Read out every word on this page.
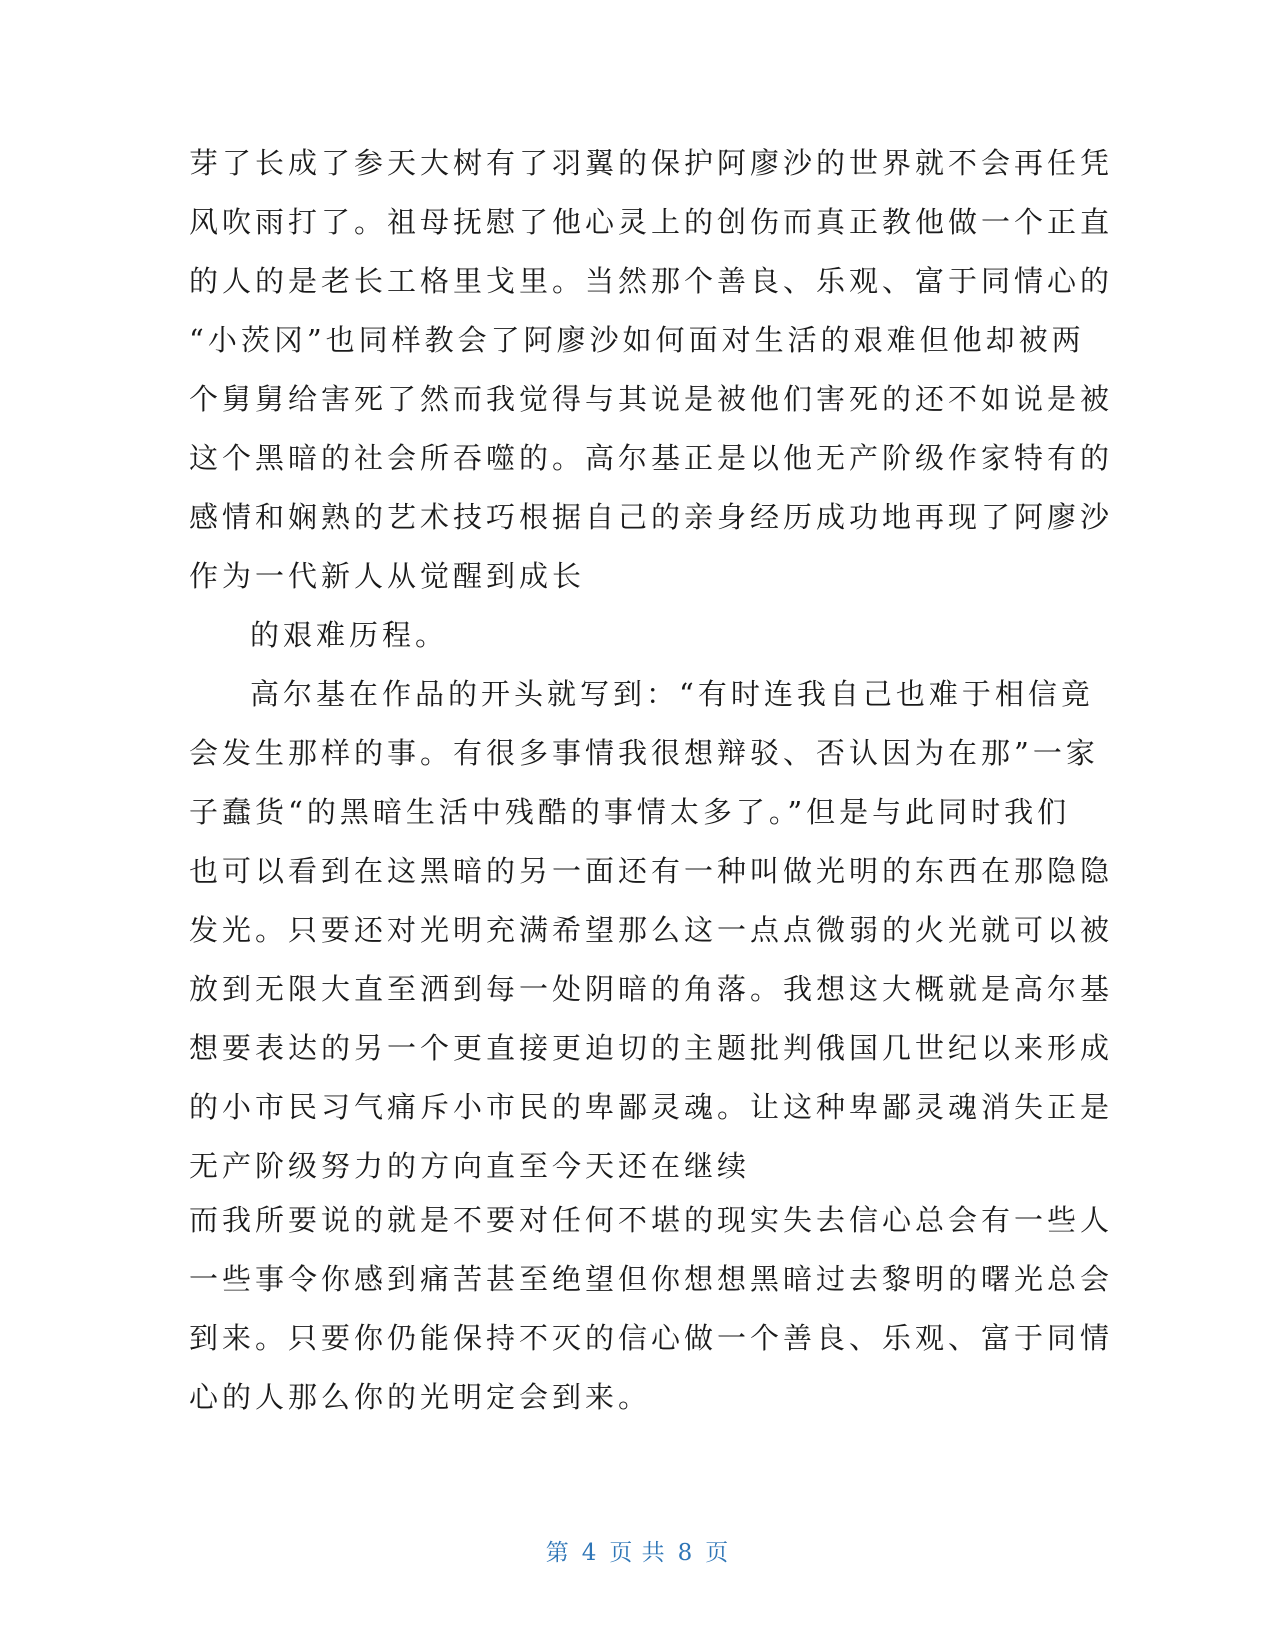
芽了长成了参天大树有了羽翼的保护阿廖沙的世界就不会再任凭
风吹雨打了。祖母抚慰了他心灵上的创伤而真正教他做一个正直
的人的是老长工格里戈里。当然那个善良、乐观、富于同情心的
“小茨冈”也同样教会了阿廖沙如何面对生活的艰难但他却被两
个舅舅给害死了然而我觉得与其说是被他们害死的还不如说是被
这个黑暗的社会所吞噬的。高尔基正是以他无产阶级作家特有的
感情和娴熟的艺术技巧根据自己的亲身经历成功地再现了阿廖沙
作为一代新人从觉醒到成长
的艰难历程。
高尔基在作品的开头就写到：“有时连我自己也难于相信竟
会发生那样的事。有很多事情我很想辩驳、否认因为在那”一家
子蠢货“的黑暗生活中残酷的事情太多了。”但是与此同时我们
也可以看到在这黑暗的另一面还有一种叫做光明的东西在那隐隐
发光。只要还对光明充满希望那么这一点点微弱的火光就可以被
放到无限大直至洒到每一处阴暗的角落。我想这大概就是高尔基
想要表达的另一个更直接更迫切的主题批判俄国几世纪以来形成
的小市民习气痛斥小市民的卑鄙灵魂。让这种卑鄙灵魂消失正是
无产阶级努力的方向直至今天还在继续
而我所要说的就是不要对任何不堪的现实失去信心总会有一些人
一些事令你感到痛苦甚至绝望但你想想黑暗过去黎明的曙光总会
到来。只要你仍能保持不灭的信心做一个善良、乐观、富于同情
心的人那么你的光明定会到来。
第 4 页 共 8 页
